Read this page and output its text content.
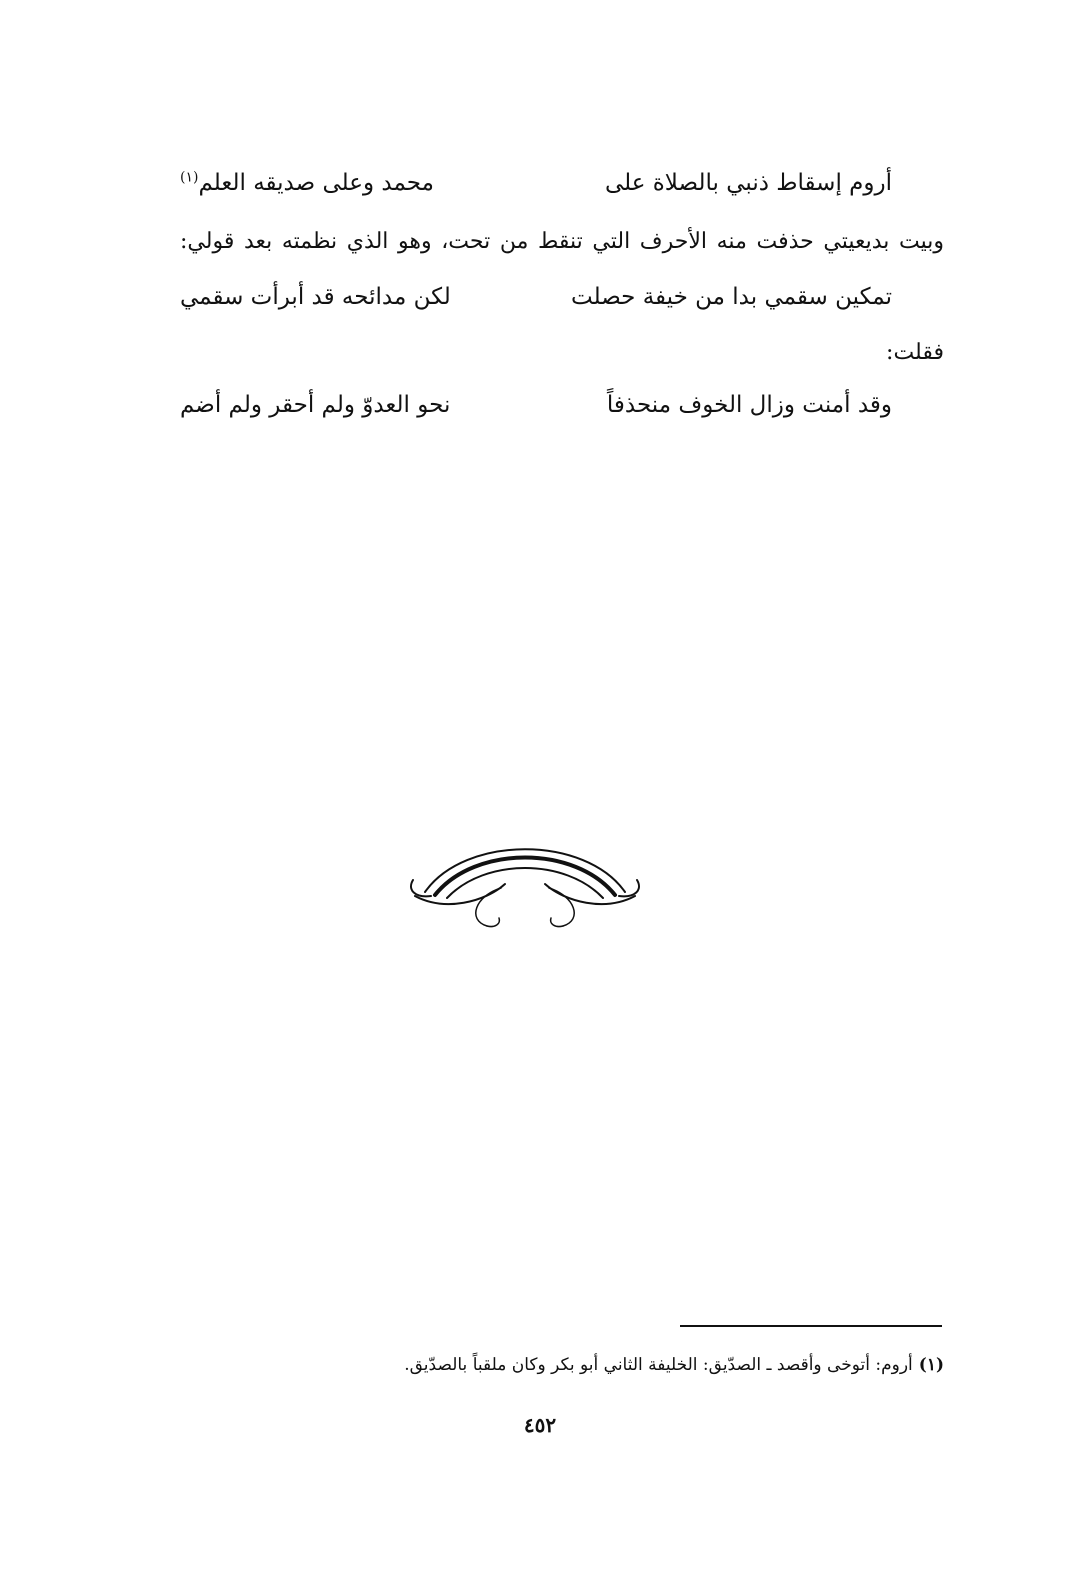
أروم إسقاط ذنبي بالصلاة على
محمد وعلى صديقه العلم$^{(١)}$
وبيت بديعيتي حذفت منه الأحرف التي تنقط من تحت، وهو الذي نظمته بعد قولي:
تمكين سقمي بدا من خيفة حصلت
لكن مدائحه قد أبرأت سقمي
فقلت:
وقد أمنت وزال الخوف منحذفاً
نحو العدوّ ولم أحقر ولم أضم
(١)أروم: أتوخى وأقصد ـ الصدّيق: الخليفة الثاني أبو بكر وكان ملقباً بالصدّيق.
٤٥٢
